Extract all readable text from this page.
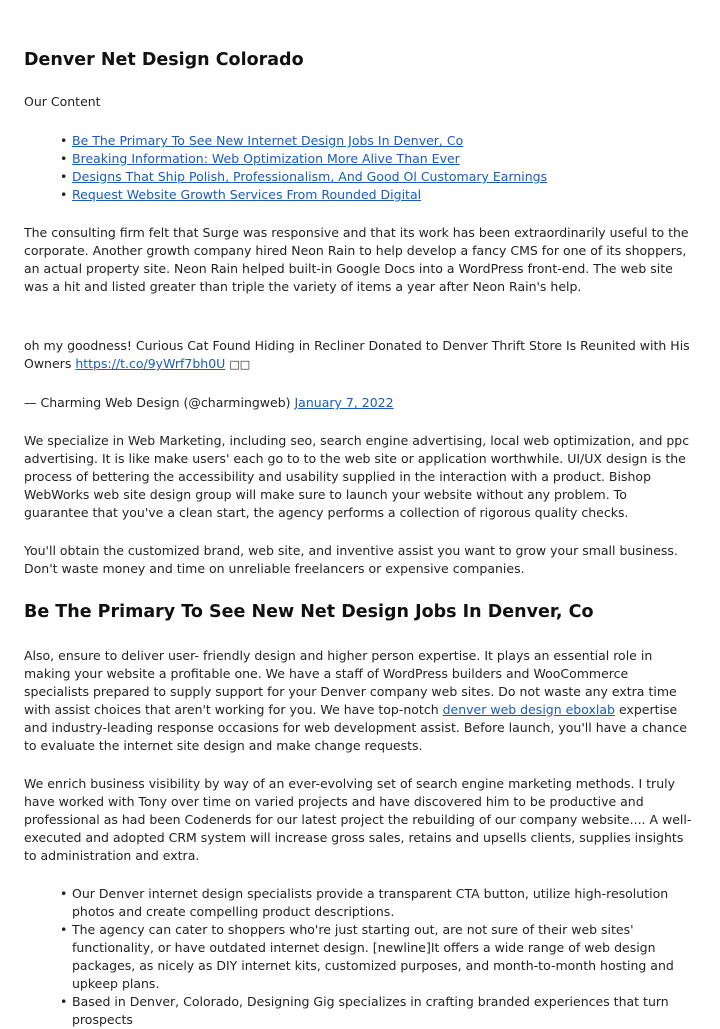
Denver Net Design Colorado

Our Content

• Be The Primary To See New Internet Design Jobs In Denver, Co
• Breaking Information: Web Optimization More Alive Than Ever
• Designs That Ship Polish, Professionalism, And Good Ol Customary Earnings
• Request Website Growth Services From Rounded Digital

The consulting firm felt that Surge was responsive and that its work has been extraordinarily useful to the corporate. Another growth company hired Neon Rain to help develop a fancy CMS for one of its shoppers, an actual property site. Neon Rain helped built-in Google Docs into a WordPress front-end. The web site was a hit and listed greater than triple the variety of items a year after Neon Rain's help.

oh my goodness! Curious Cat Found Hiding in Recliner Donated to Denver Thrift Store Is Reunited with His Owners https://t.co/9yWrf7bh0U □□

— Charming Web Design (@charmingweb) January 7, 2022

We specialize in Web Marketing, including seo, search engine advertising, local web optimization, and ppc advertising. It is like make users' each go to to the web site or application worthwhile. UI/UX design is the process of bettering the accessibility and usability supplied in the interaction with a product. Bishop WebWorks web site design group will make sure to launch your website without any problem. To guarantee that you've a clean start, the agency performs a collection of rigorous quality checks.

You'll obtain the customized brand, web site, and inventive assist you want to grow your small business. Don't waste money and time on unreliable freelancers or expensive companies.

Be The Primary To See New Net Design Jobs In Denver, Co

Also, ensure to deliver user- friendly design and higher person expertise. It plays an essential role in making your website a profitable one. We have a staff of WordPress builders and WooCommerce specialists prepared to supply support for your Denver company web sites. Do not waste any extra time with assist choices that aren't working for you. We have top-notch denver web design eboxlab expertise and industry-leading response occasions for web development assist. Before launch, you'll have a chance to evaluate the internet site design and make change requests.

We enrich business visibility by way of an ever-evolving set of search engine marketing methods. I truly have worked with Tony over time on varied projects and have discovered him to be productive and professional as had been Codenerds for our latest project the rebuilding of our company website.... A well-executed and adopted CRM system will increase gross sales, retains and upsells clients, supplies insights to administration and extra.

• Our Denver internet design specialists provide a transparent CTA button, utilize high-resolution photos and create compelling product descriptions.
• The agency can cater to shoppers who're just starting out, are not sure of their web sites' functionality, or have outdated internet design. [newline]It offers a wide range of web design packages, as nicely as DIY internet kits, customized purposes, and month-to-month hosting and upkeep plans.
• Based in Denver, Colorado, Designing Gig specializes in crafting branded experiences that turn prospects
